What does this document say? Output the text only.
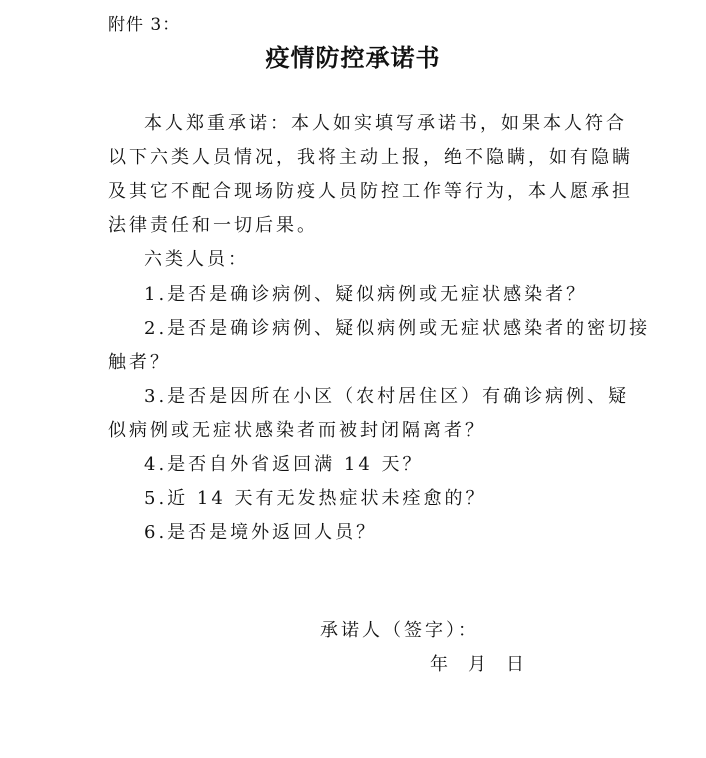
附件 3：
疫情防控承诺书
本人郑重承诺：本人如实填写承诺书，如果本人符合
以下六类人员情况，我将主动上报，绝不隐瞒，如有隐瞒
及其它不配合现场防疫人员防控工作等行为，本人愿承担
法律责任和一切后果。
六类人员：
1.是否是确诊病例、疑似病例或无症状感染者？
2.是否是确诊病例、疑似病例或无症状感染者的密切接
触者？
3.是否是因所在小区（农村居住区）有确诊病例、疑
似病例或无症状感染者而被封闭隔离者？
4.是否自外省返回满 14 天？
5.近 14 天有无发热症状未痊愈的？
6.是否是境外返回人员？
承诺人（签字）：
年 月 日
